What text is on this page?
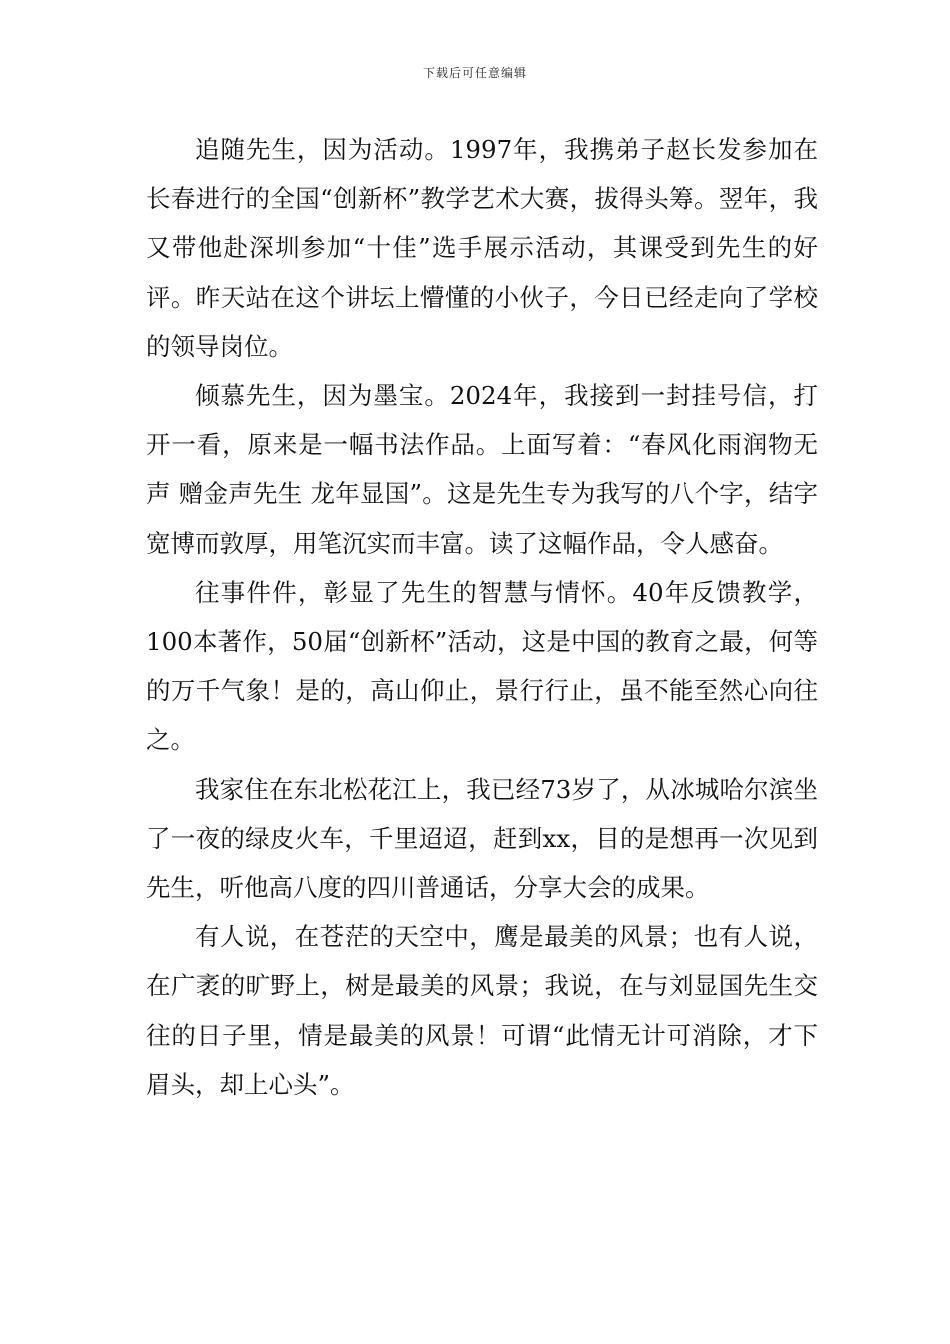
下载后可任意编辑

追随先生，因为活动。1997年，我携弟子赵长发参加在长春进行的全国“创新杯”教学艺术大赛，拔得头筹。翌年，我又带他赴深圳参加“十佳”选手展示活动，其课受到先生的好评。昨天站在这个讲坛上懵懂的小伙子，今日已经走向了学校的领导岗位。

倾慕先生，因为墨宝。2024年，我接到一封挂号信，打开一看，原来是一幅书法作品。上面写着：“春风化雨润物无声 赠金声先生 龙年显国”。这是先生专为我写的八个字，结字宽博而敦厚，用笔沉实而丰富。读了这幅作品，令人感奋。

往事件件，彰显了先生的智慧与情怀。40年反馈教学，100本著作，50届“创新杯”活动，这是中国的教育之最，何等的万千气象！是的，高山仰止，景行行止，虽不能至然心向往之。

我家住在东北松花江上，我已经73岁了，从冰城哈尔滨坐了一夜的绿皮火车，千里迢迢，赶到xx，目的是想再一次见到先生，听他高八度的四川普通话，分享大会的成果。

有人说，在苍茫的天空中，鹰是最美的风景；也有人说，在广袤的旷野上，树是最美的风景；我说，在与刘显国先生交往的日子里，情是最美的风景！可谓“此情无计可消除，才下眉头，却上心头”。
